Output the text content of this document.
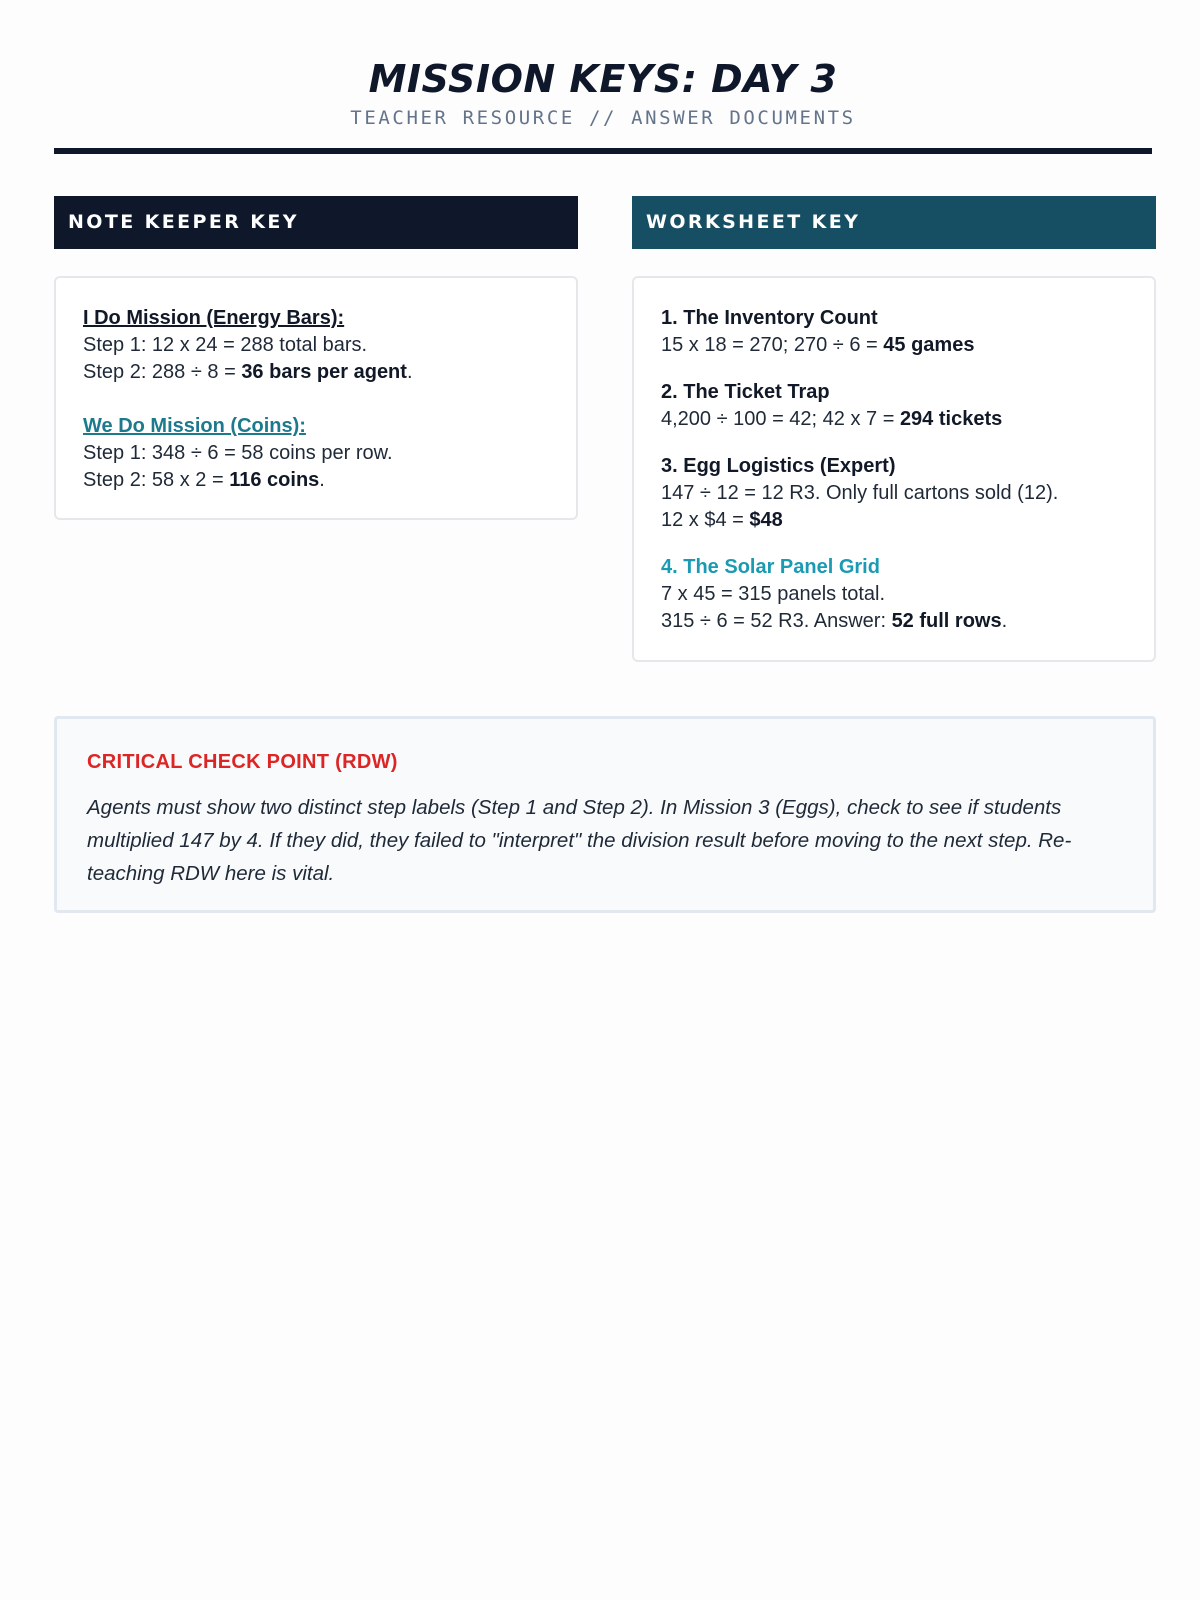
MISSION KEYS: DAY 3
TEACHER RESOURCE // ANSWER DOCUMENTS
NOTE KEEPER KEY	WORKSHEET KEY
I Do Mission (Energy Bars):
Step 1: 12 x 24 = 288 total bars.
Step 2: 288 ÷ 8 = 36 bars per agent.
We Do Mission (Coins):
Step 1: 348 ÷ 6 = 58 coins per row.
Step 2: 58 x 2 = 116 coins.
1. The Inventory Count
15 x 18 = 270; 270 ÷ 6 = 45 games
2. The Ticket Trap
4,200 ÷ 100 = 42; 42 x 7 = 294 tickets
3. Egg Logistics (Expert)
147 ÷ 12 = 12 R3. Only full cartons sold (12).
12 x $4 = $48
4. The Solar Panel Grid
7 x 45 = 315 panels total.
315 ÷ 6 = 52 R3. Answer: 52 full rows.
CRITICAL CHECK POINT (RDW)
Agents must show two distinct step labels (Step 1 and Step 2). In Mission 3 (Eggs), check to see if students multiplied 147 by 4. If they did, they failed to "interpret" the division result before moving to the next step. Re-teaching RDW here is vital.
